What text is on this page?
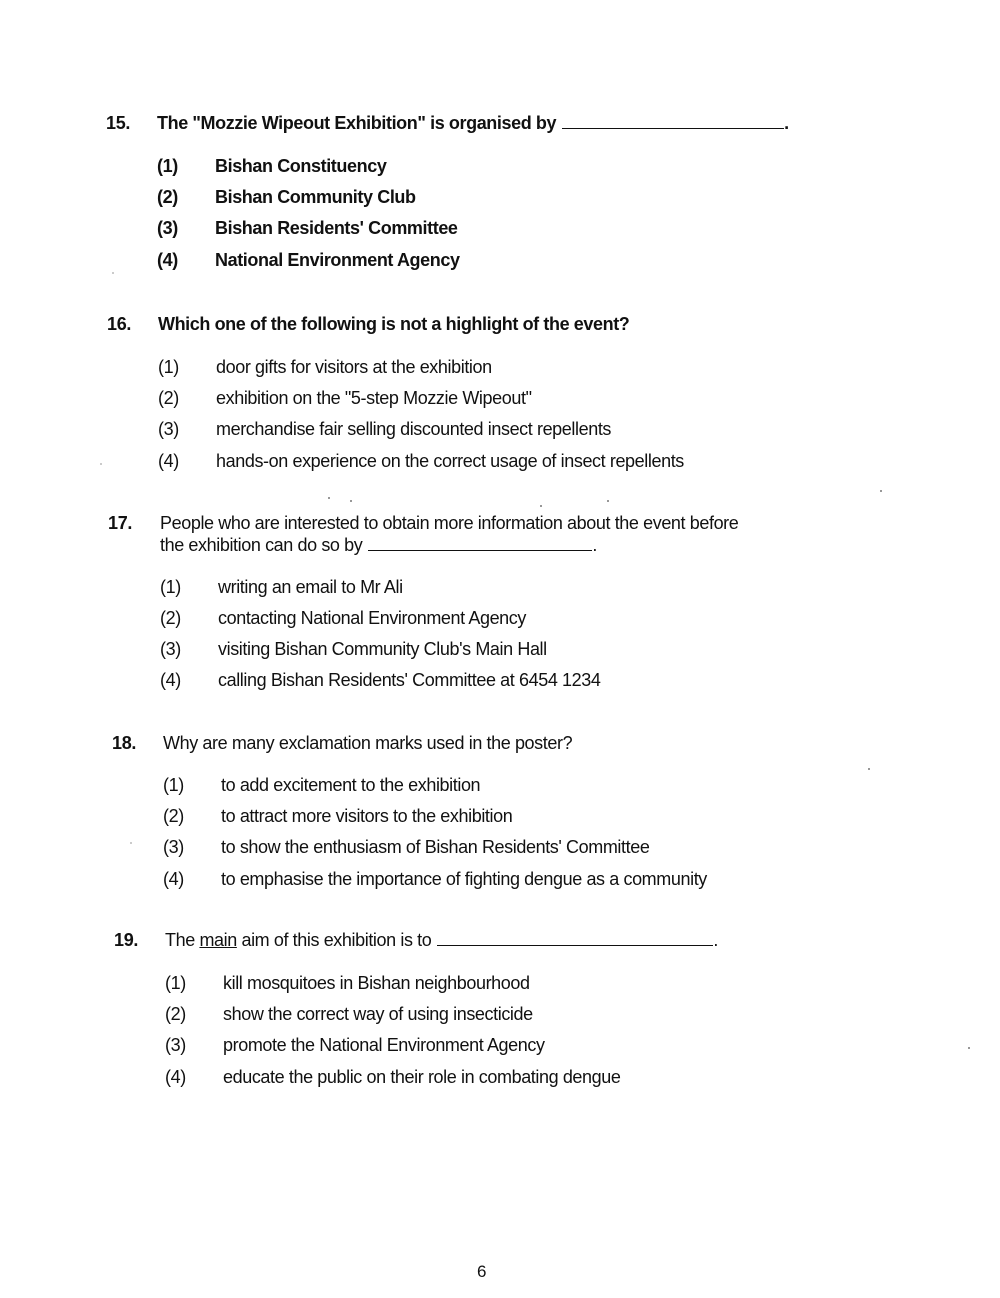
15. The "Mozzie Wipeout Exhibition" is organised by	.
(1) Bishan Constituency
(2) Bishan Community Club
(3) Bishan Residents' Committee
(4) National Environment Agency
16. Which one of the following is not a highlight of the event?
(1) door gifts for visitors at the exhibition
(2) exhibition on the "5-step Mozzie Wipeout"
(3) merchandise fair selling discounted insect repellents
(4) hands-on experience on the correct usage of insect repellents
17. People who are interested to obtain more information about the event before
the exhibition can do so by	.
(1) writing an email to Mr Ali
(2) contacting National Environment Agency
(3) visiting Bishan Community Club's Main Hall
(4) calling Bishan Residents' Committee at 6454 1234
18. Why are many exclamation marks used in the poster?
(1) to add excitement to the exhibition
(2) to attract more visitors to the exhibition
(3) to show the enthusiasm of Bishan Residents' Committee
(4) to emphasise the importance of fighting dengue as a community
19. The main aim of this exhibition is to	.
(1) kill mosquitoes in Bishan neighbourhood
(2) show the correct way of using insecticide
(3) promote the National Environment Agency
(4) educate the public on their role in combating dengue
6
